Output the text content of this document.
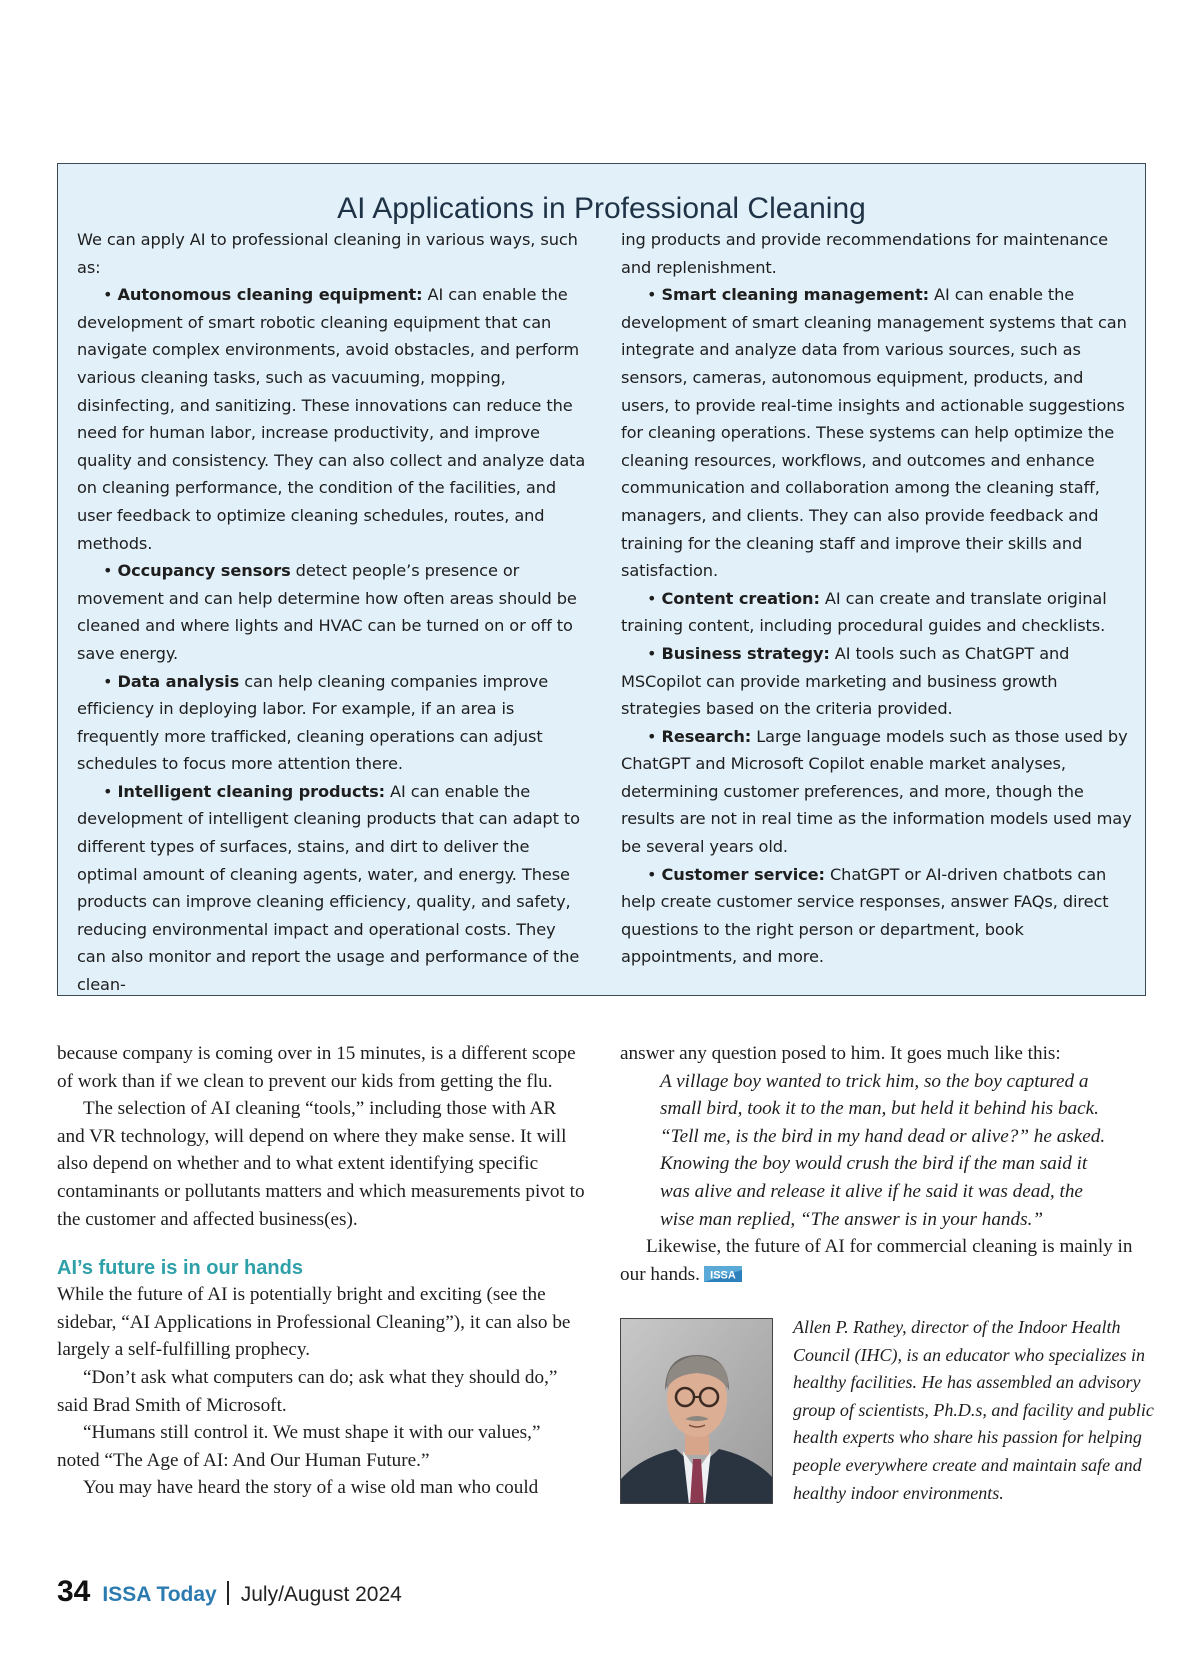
AI Applications in Professional Cleaning

We can apply AI to professional cleaning in various ways, such as:

• Autonomous cleaning equipment: AI can enable the development of smart robotic cleaning equipment that can navigate complex environments, avoid obstacles, and perform various cleaning tasks, such as vacuuming, mopping, disinfecting, and sanitizing. These innovations can reduce the need for human labor, increase productivity, and improve quality and consistency. They can also collect and analyze data on cleaning performance, the condition of the facilities, and user feedback to optimize cleaning schedules, routes, and methods.

• Occupancy sensors detect people’s presence or movement and can help determine how often areas should be cleaned and where lights and HVAC can be turned on or off to save energy.

• Data analysis can help cleaning companies improve efficiency in deploying labor. For example, if an area is frequently more trafficked, cleaning operations can adjust schedules to focus more attention there.

• Intelligent cleaning products: AI can enable the development of intelligent cleaning products that can adapt to different types of surfaces, stains, and dirt to deliver the optimal amount of cleaning agents, water, and energy. These products can improve cleaning efficiency, quality, and safety, reducing environmental impact and operational costs. They can also monitor and report the usage and performance of the clean-

ing products and provide recommendations for maintenance and replenishment.

• Smart cleaning management: AI can enable the development of smart cleaning management systems that can integrate and analyze data from various sources, such as sensors, cameras, autonomous equipment, products, and users, to provide real-time insights and actionable suggestions for cleaning operations. These systems can help optimize the cleaning resources, workflows, and outcomes and enhance communication and collaboration among the cleaning staff, managers, and clients. They can also provide feedback and training for the cleaning staff and improve their skills and satisfaction.

• Content creation: AI can create and translate original training content, including procedural guides and checklists.

• Business strategy: AI tools such as ChatGPT and MSCopilot can provide marketing and business growth strategies based on the criteria provided.

• Research: Large language models such as those used by ChatGPT and Microsoft Copilot enable market analyses, determining customer preferences, and more, though the results are not in real time as the information models used may be several years old.

• Customer service: ChatGPT or AI-driven chatbots can help create customer service responses, answer FAQs, direct questions to the right person or department, book appointments, and more.

because company is coming over in 15 minutes, is a different scope of work than if we clean to prevent our kids from getting the flu.

The selection of AI cleaning “tools,” including those with AR and VR technology, will depend on where they make sense. It will also depend on whether and to what extent identifying specific contaminants or pollutants matters and which measurements pivot to the customer and affected business(es).

AI’s future is in our hands

While the future of AI is potentially bright and exciting (see the sidebar, “AI Applications in Professional Cleaning”), it can also be largely a self-fulfilling prophecy.

“Don’t ask what computers can do; ask what they should do,” said Brad Smith of Microsoft.

“Humans still control it. We must shape it with our values,” noted “The Age of AI: And Our Human Future.”

You may have heard the story of a wise old man who could

answer any question posed to him. It goes much like this:

A village boy wanted to trick him, so the boy captured a small bird, took it to the man, but held it behind his back. “Tell me, is the bird in my hand dead or alive?” he asked. Knowing the boy would crush the bird if the man said it was alive and release it alive if he said it was dead, the wise man replied, “The answer is in your hands.”

Likewise, the future of AI for commercial cleaning is mainly in our hands. ISSA

Allen P. Rathey, director of the Indoor Health Council (IHC), is an educator who specializes in healthy facilities. He has assembled an advisory group of scientists, Ph.D.s, and facility and public health experts who share his passion for helping people everywhere create and maintain safe and healthy indoor environments.

34 ISSA Today July/August 2024
